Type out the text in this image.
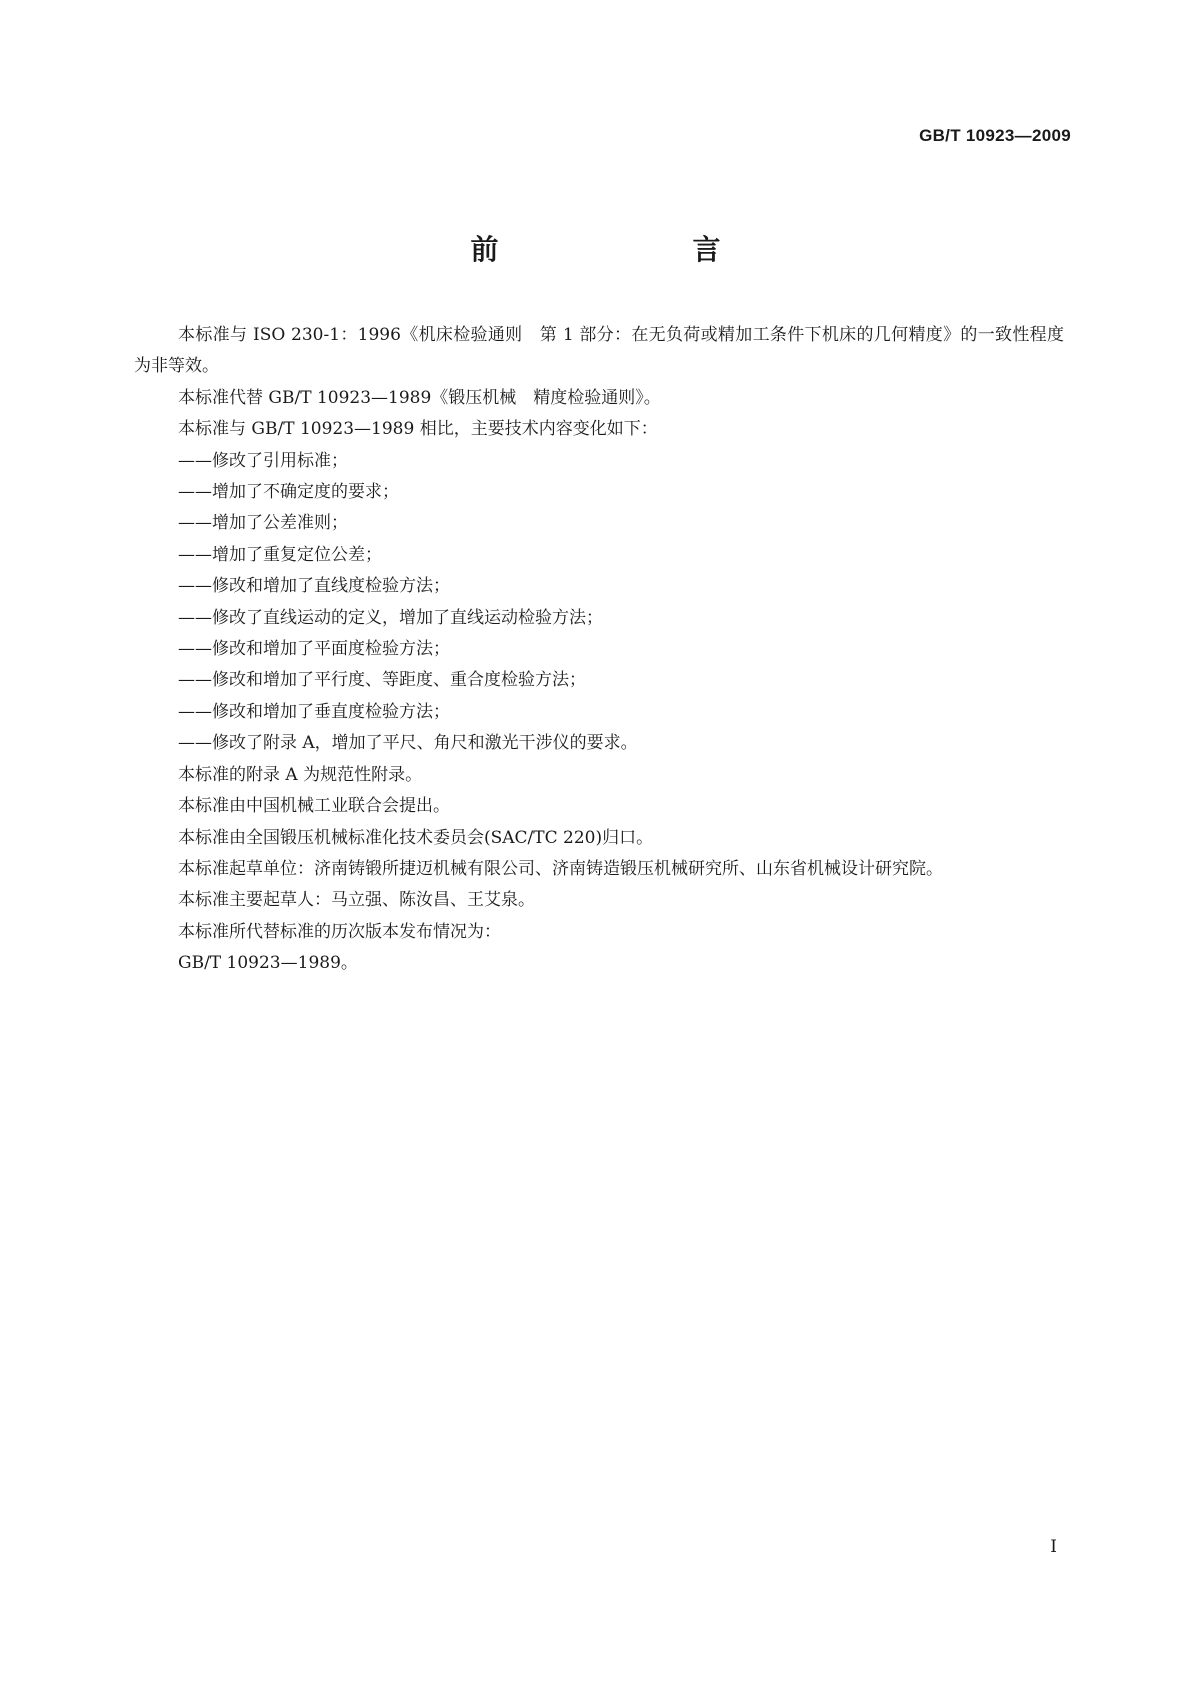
GB/T 10923—2009
前　　言

本标准与 ISO 230-1：1996《机床检验通则　第 1 部分：在无负荷或精加工条件下机床的几何精度》的一致性程度为非等效。

本标准代替 GB/T 10923—1989《锻压机械　精度检验通则》。

本标准与 GB/T 10923—1989 相比，主要技术内容变化如下：

——修改了引用标准；

——增加了不确定度的要求；

——增加了公差准则；

——增加了重复定位公差；

——修改和增加了直线度检验方法；

——修改了直线运动的定义，增加了直线运动检验方法；

——修改和增加了平面度检验方法；

——修改和增加了平行度、等距度、重合度检验方法；

——修改和增加了垂直度检验方法；

——修改了附录 A，增加了平尺、角尺和激光干涉仪的要求。

本标准的附录 A 为规范性附录。

本标准由中国机械工业联合会提出。

本标准由全国锻压机械标准化技术委员会(SAC/TC 220)归口。

本标准起草单位：济南铸锻所捷迈机械有限公司、济南铸造锻压机械研究所、山东省机械设计研究院。

本标准主要起草人：马立强、陈汝昌、王艾泉。

本标准所代替标准的历次版本发布情况为：

GB/T 10923—1989。

Ⅰ
